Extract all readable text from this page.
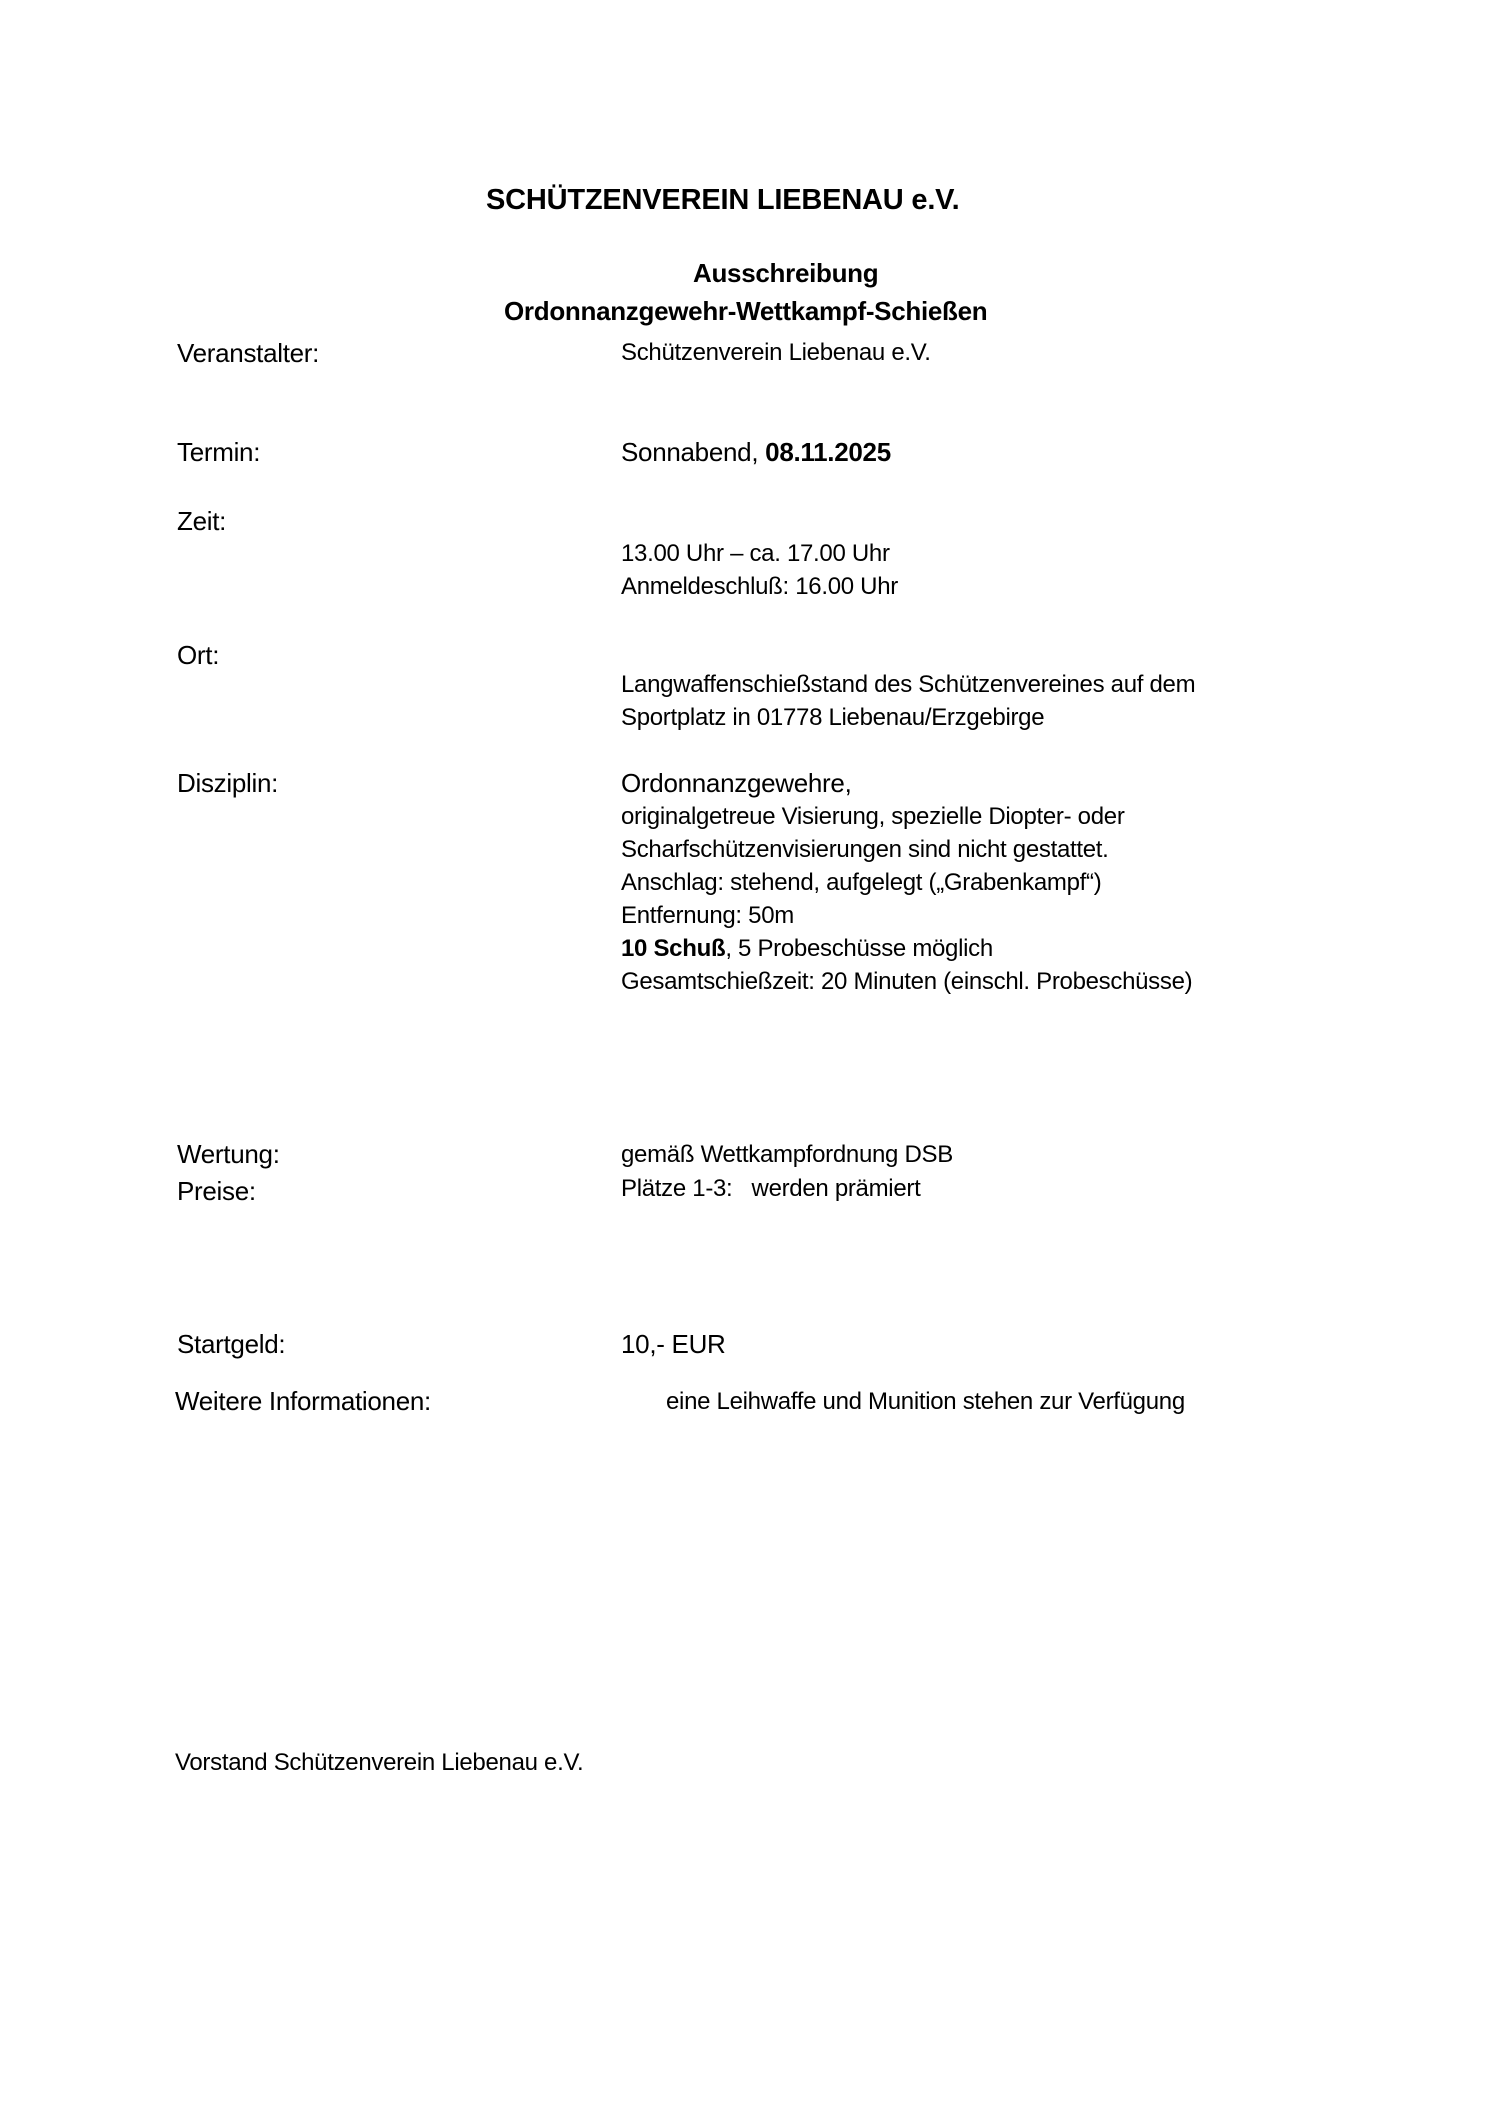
SCHÜTZENVEREIN LIEBENAU e.V.
Ausschreibung
Ordonnanzgewehr-Wettkampf-Schießen
Veranstalter:	Schützenverein Liebenau e.V.
Termin:	Sonnabend, 08.11.2025
Zeit:
13.00 Uhr – ca. 17.00 Uhr
Anmeldeschluß: 16.00 Uhr
Ort:
Langwaffenschießstand des Schützenvereines auf dem
Sportplatz in 01778 Liebenau/Erzgebirge
Disziplin:	Ordonnanzgewehre,
originalgetreue Visierung, spezielle Diopter- oder
Scharfschützenvisierungen sind nicht gestattet.
Anschlag: stehend, aufgelegt („Grabenkampf“)
Entfernung: 50m
10 Schuß, 5 Probeschüsse möglich
Gesamtschießzeit: 20 Minuten (einschl. Probeschüsse)
Wertung:	gemäß Wettkampfordnung DSB
Preise:	Plätze 1-3:   werden prämiert
Startgeld:	10,- EUR
Weitere Informationen:	eine Leihwaffe und Munition stehen zur Verfügung
Vorstand Schützenverein Liebenau e.V.
